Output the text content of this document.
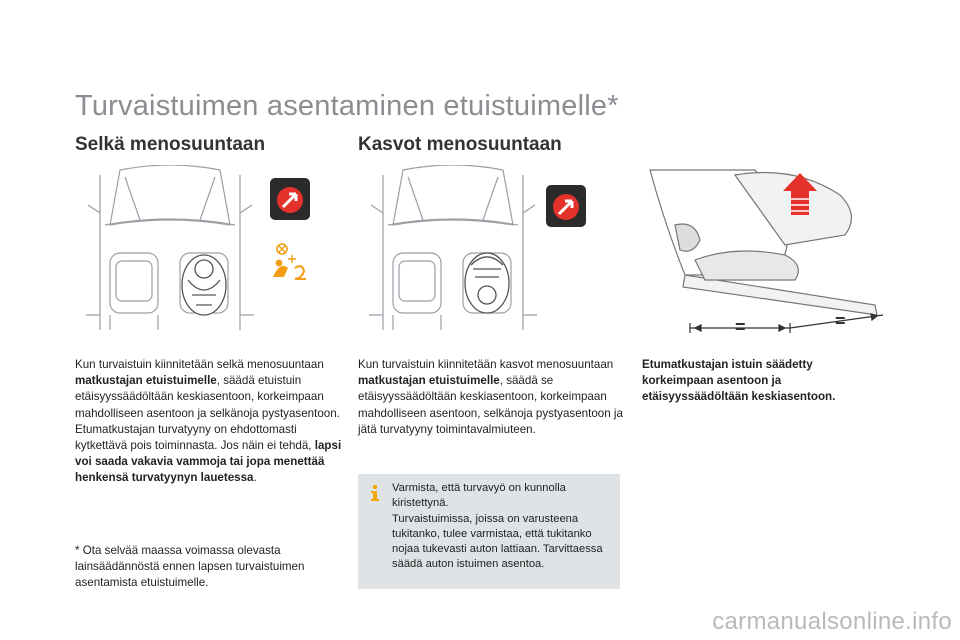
Turvaistuimen asentaminen etuistuimelle*
Selkä menosuuntaan	Kasvot menosuuntaan
=	=
Kun turvaistuin kiinnitetään selkä menosuuntaan matkustajan etuistuimelle, säädä etuistuin etäisyyssäädöltään keskiasentoon, korkeimpaan mahdolliseen asentoon ja selkänoja pystyasentoon.
Etumatkustajan turvatyyny on ehdottomasti kytkettävä pois toiminnasta. Jos näin ei tehdä, lapsi voi saada vakavia vammoja tai jopa menettää henkensä turvatyynyn lauetessa.
* Ota selvää maassa voimassa olevasta lainsäädännöstä ennen lapsen turvaistuimen asentamista etuistuimelle.
Kun turvaistuin kiinnitetään kasvot menosuuntaan matkustajan etuistuimelle, säädä se etäisyyssäädöltään keskiasentoon, korkeimpaan mahdolliseen asentoon, selkänoja pystyasentoon ja jätä turvatyyny toimintavalmiuteen.
Varmista, että turvavyö on kunnolla kiristettynä.
Turvaistuimissa, joissa on varusteena tukitanko, tulee varmistaa, että tukitanko nojaa tukevasti auton lattiaan. Tarvittaessa säädä auton istuimen asentoa.
Etumatkustajan istuin säädetty korkeimpaan asentoon ja etäisyyssäädöltään keskiasentoon.
carmanualsonline.info
